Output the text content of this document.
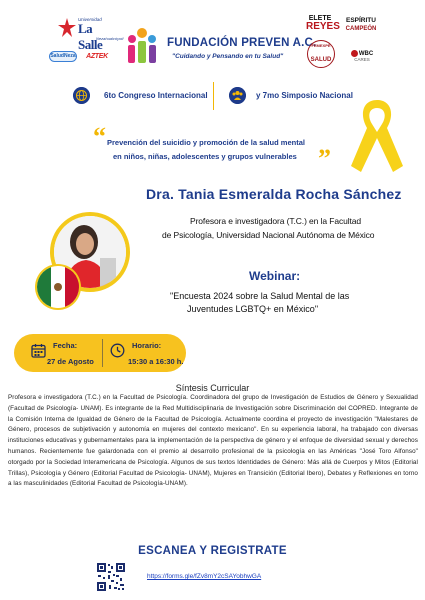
Universidad
La Salle
Nezahualcóyotl
SaludNeza	AZTEK
FUNDACIÓN PREVEN A.C.
"Cuidando y Pensando en tu Salud"
ELETE
REYES
ESPÍRITU
CAMPEÓN
FEMEXPE
SALUD
WBC
CARES
6to Congreso Internacional	y 7mo Simposio Nacional
“ Prevención del suicidio y promoción de la salud mental
en niños, niñas, adolescentes y grupos vulnerables ”
Dra. Tania Esmeralda Rocha Sánchez
Profesora e investigadora (T.C.) en la Facultad
de Psicología, Universidad Nacional Autónoma de México
Webinar:
"Encuesta 2024 sobre la Salud Mental de las
Juventudes LGBTQ+ en México"
Fecha:
27 de Agosto
Horario:
15:30 a 16:30 h.
Síntesis Curricular
Profesora e investigadora (T.C.) en la Facultad de Psicología. Coordinadora del grupo de Investigación de Estudios de Género y Sexualidad (Facultad de Psicología- UNAM). Es integrante de la Red Multidisciplinaria de Investigación sobre Discriminación del COPRED. Integrante de la Comisión Interna de Igualdad de Género de la Facultad de Psicología. Actualmente coordina el proyecto de investigación "Malestares de Género, procesos de subjetivación y autonomía en mujeres del contexto mexicano". En su experiencia laboral, ha trabajado con diversas instituciones educativas y gubernamentales para la implementación de la perspectiva de género y el enfoque de diversidad sexual y derechos humanos. Recientemente fue galardonada con el premio al desarrollo profesional de la psicología en las Américas "José Toro Alfonso" otorgado por la Sociedad Interamericana de Psicología. Algunos de sus textos Identidades de Género: Más allá de Cuerpos y Mitos (Editorial Trillas), Psicología y Género (Editorial Facultad de Psicología- UNAM), Mujeres en Transición (Editorial Ibero), Debates y Reflexiones en torno a las masculinidades (Editorial Facultad de Psicología-UNAM).
ESCANEA Y REGISTRATE
https://forms.gle/fZv8mY2cSAYobhwGA
